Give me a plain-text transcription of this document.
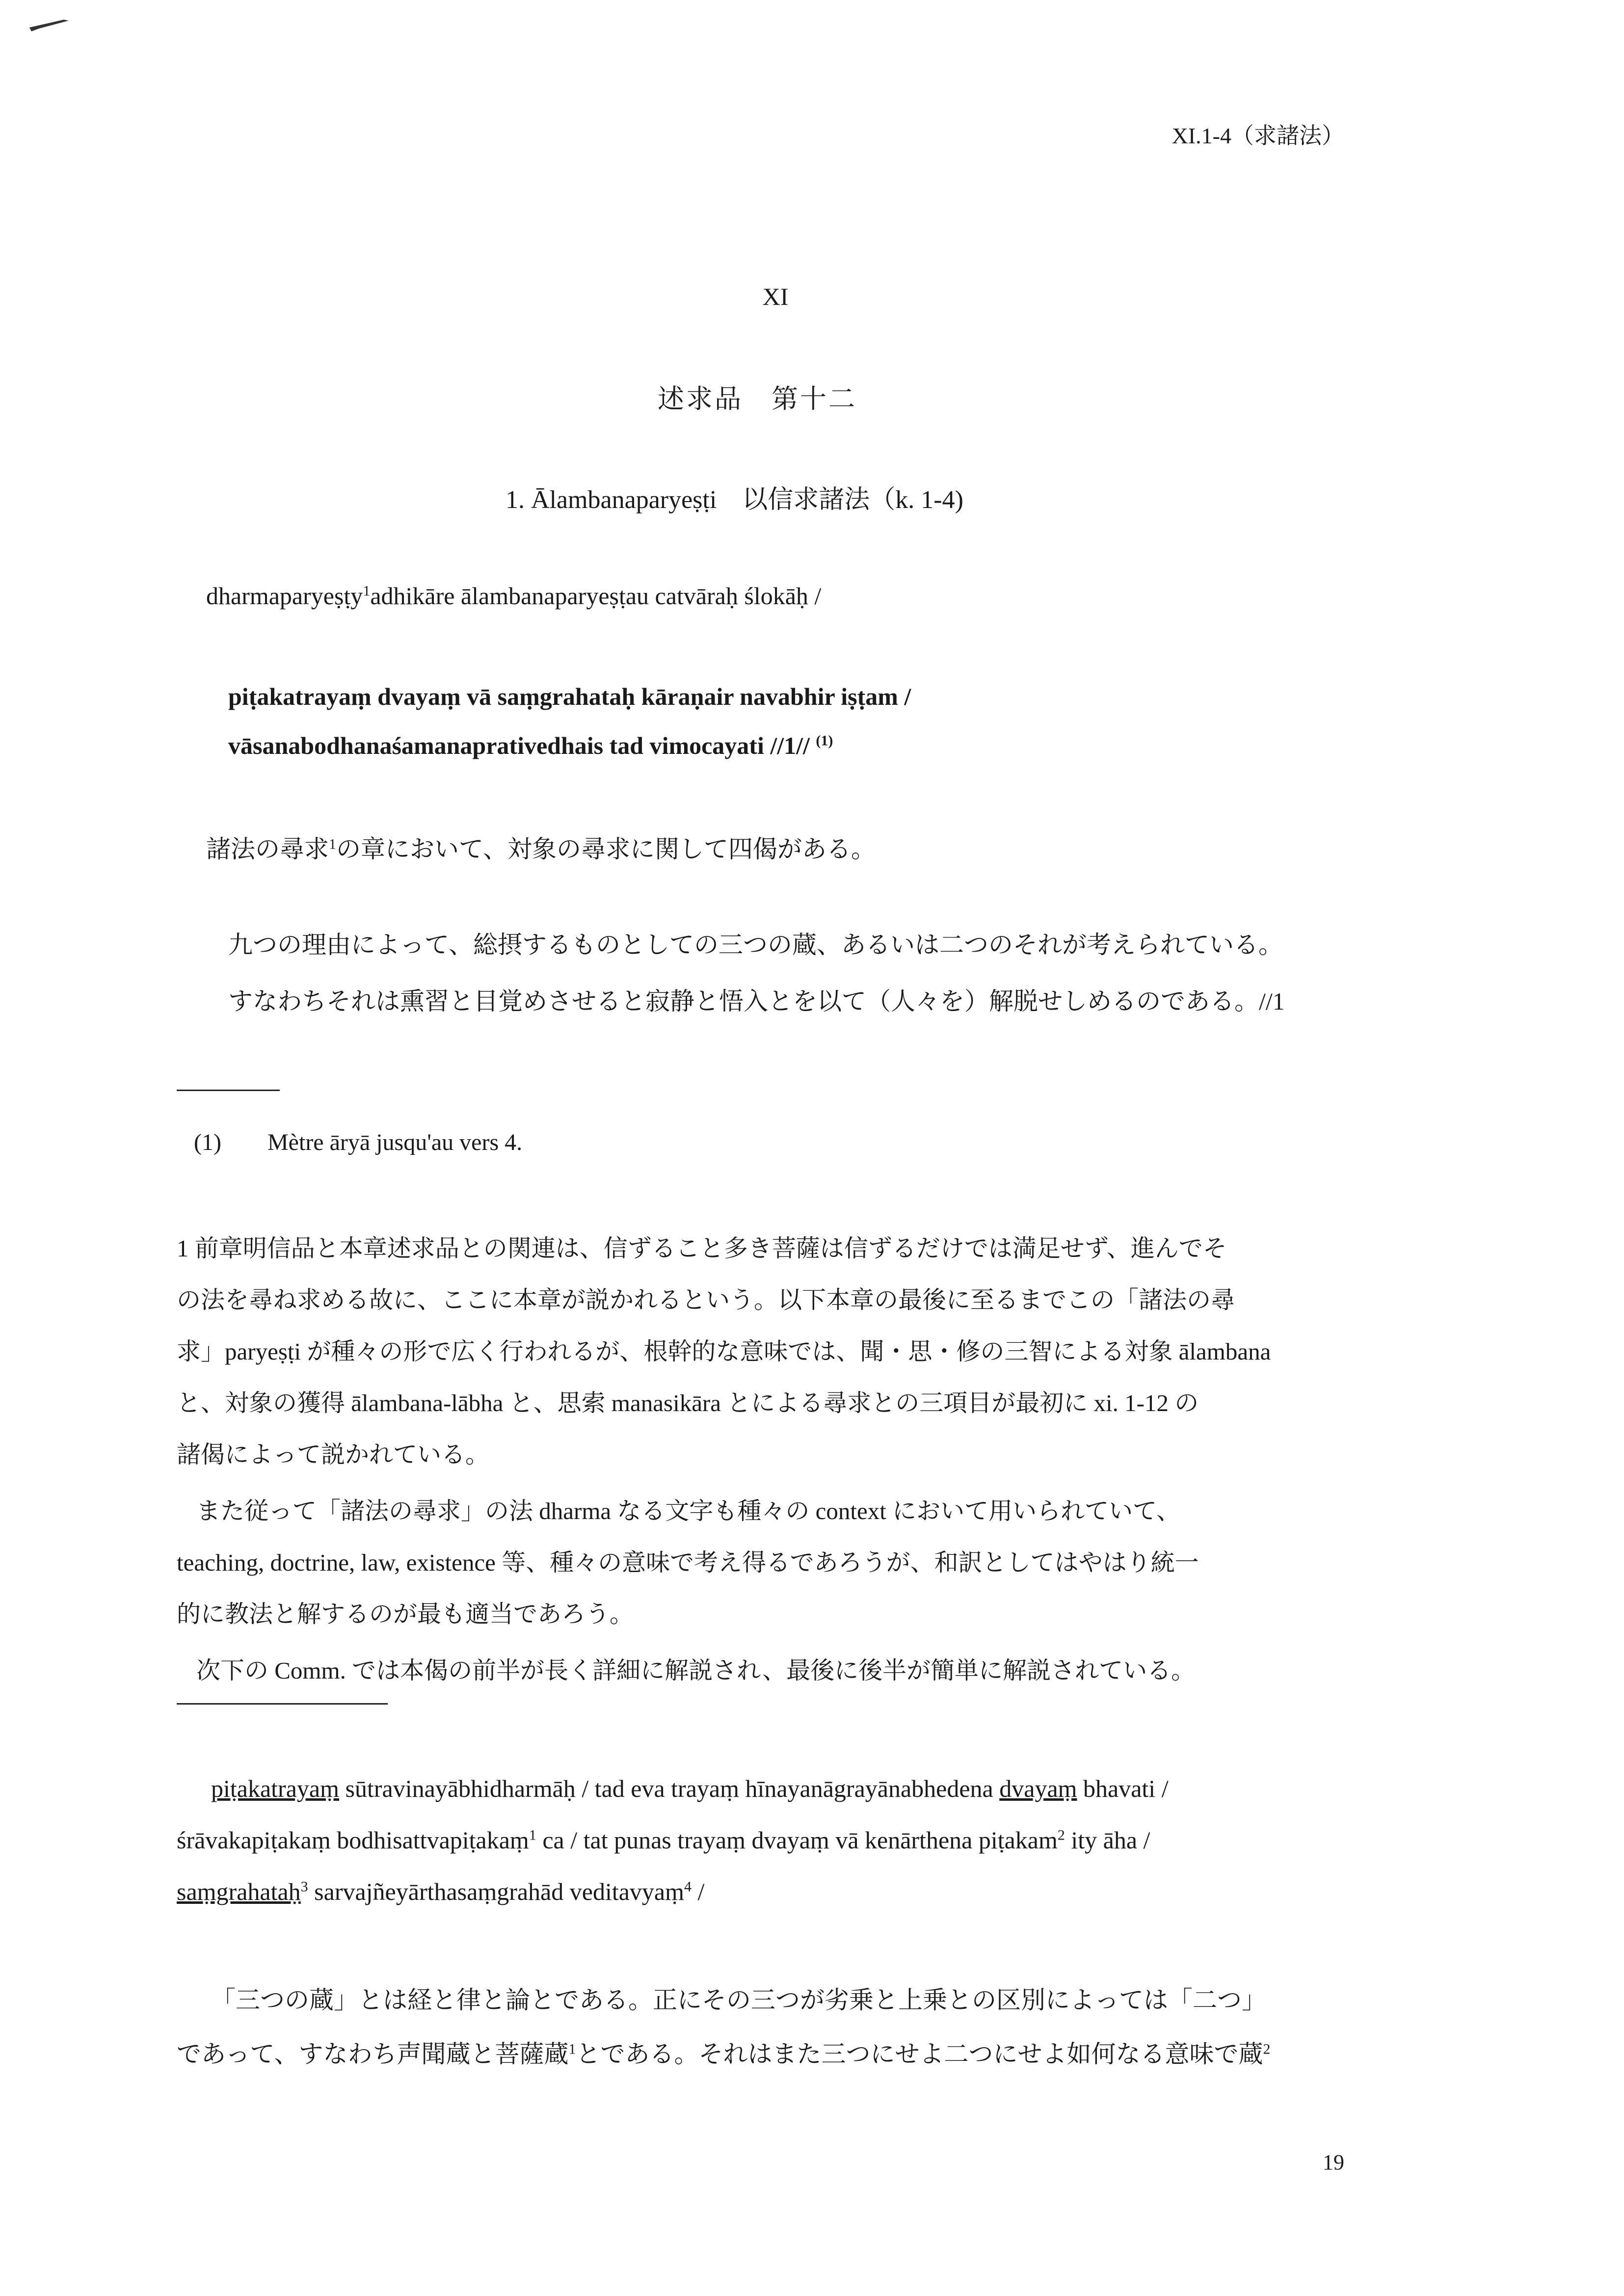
XI.1-4（求諸法）
XI
述求品　第十二
1. Ālambanaparyeṣṭi　以信求諸法（k. 1-4)
dharmaparyeṣṭy$^1$adhikāre ālambanaparyeṣṭau catvāraḥ ślokāḥ /
piṭakatrayaṃ dvayaṃ vā saṃgrahataḥ kāraṇair navabhir iṣṭam /
vāsanabodhanaśamanaprativedhais tad vimocayati //1// $^{(1)}$
諸法の尋求$^1$の章において、対象の尋求に関して四偈がある。
九つの理由によって、総摂するものとしての三つの蔵、あるいは二つのそれが考えられている。
すなわちそれは熏習と目覚めさせると寂静と悟入とを以て（人々を）解脱せしめるのである。//1
(1) Mètre āryā jusqu'au vers 4.
1 前章明信品と本章述求品との関連は、信ずること多き菩薩は信ずるだけでは満足せず、進んでそ
の法を尋ね求める故に、ここに本章が説かれるという。以下本章の最後に至るまでこの「諸法の尋
求」paryeṣṭi が種々の形で広く行われるが、根幹的な意味では、聞・思・修の三智による対象 ālambana
と、対象の獲得 ālambana-lābha と、思索 manasikāra とによる尋求との三項目が最初に xi. 1-12 の
諸偈によって説かれている。
また従って「諸法の尋求」の法 dharma なる文字も種々の context において用いられていて、
teaching, doctrine, law, existence 等、種々の意味で考え得るであろうが、和訳としてはやはり統一
的に教法と解するのが最も適当であろう。
次下の Comm. では本偈の前半が長く詳細に解説され、最後に後半が簡単に解説されている。
piṭakatrayaṃ sūtravinayābhidharmāḥ / tad eva trayaṃ hīnayanāgrayānabhedena dvayaṃ bhavati /
śrāvakapiṭakaṃ bodhisattvapiṭakaṃ$^1$ ca / tat punas trayaṃ dvayaṃ vā kenārthena piṭakam$^2$ ity āha /
saṃgrahataḥ$^3$ sarvajñeyārthasaṃgrahād veditavyaṃ$^4$ /
「三つの蔵」とは経と律と論とである。正にその三つが劣乗と上乗との区別によっては「二つ」
であって、すなわち声聞蔵と菩薩蔵$^1$とである。それはまた三つにせよ二つにせよ如何なる意味で蔵$^2$
19
